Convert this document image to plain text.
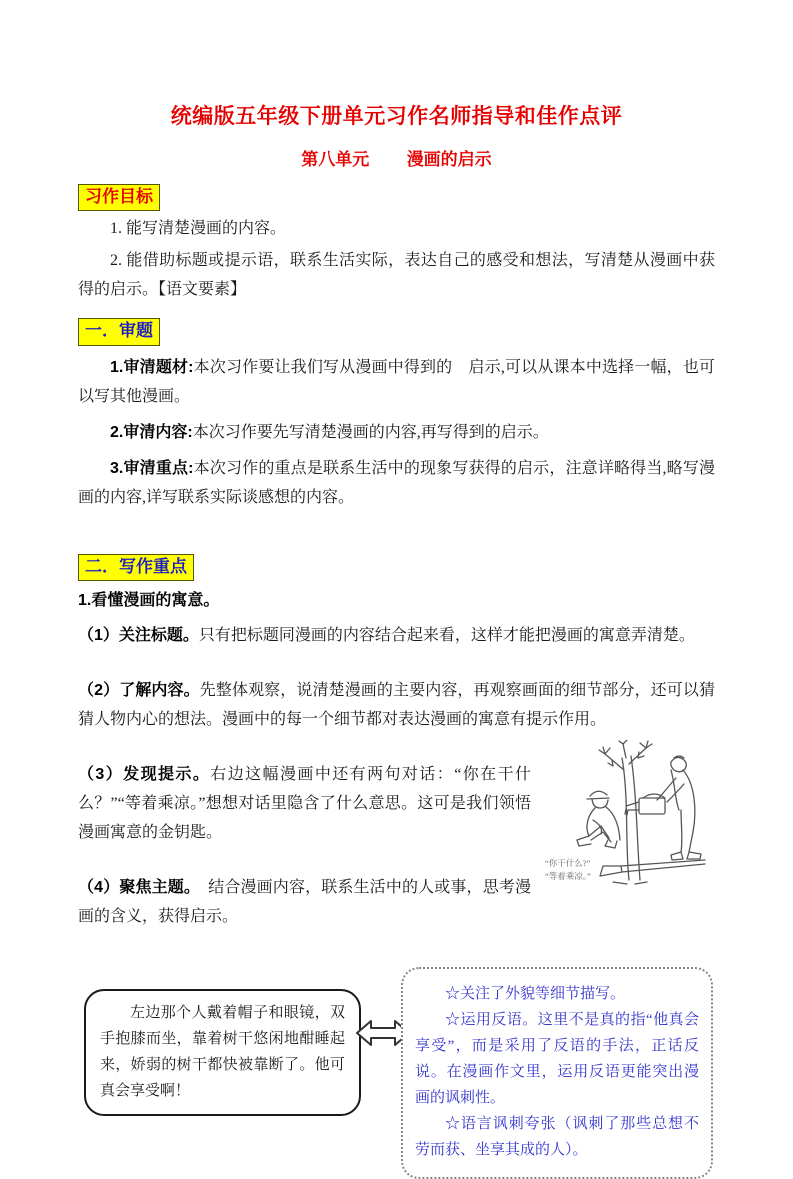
统编版五年级下册单元习作名师指导和佳作点评
第八单元 漫画的启示
习作目标

1. 能写清楚漫画的内容。

2. 能借助标题或提示语，联系生活实际，表达自己的感受和想法，写清楚从漫画中获得的启示。【语文要素】

一．审题

1.审清题材:本次习作要让我们写从漫画中得到的　启示,可以从课本中选择一幅，也可以写其他漫画。

2.审清内容:本次习作要先写清楚漫画的内容,再写得到的启示。

3.审清重点:本次习作的重点是联系生活中的现象写获得的启示，注意详略得当,略写漫画的内容,详写联系实际谈感想的内容。

二．写作重点
1.看懂漫画的寓意。

（1）关注标题。只有把标题同漫画的内容结合起来看，这样才能把漫画的寓意弄清楚。

（2）了解内容。先整体观察，说清楚漫画的主要内容，再观察画面的细节部分，还可以猜猜人物内心的想法。漫画中的每一个细节都对表达漫画的寓意有提示作用。

“你干什么?”
“等着乘凉。”

（3）发现提示。右边这幅漫画中还有两句对话：“你在干什么？”“等着乘凉。”想想对话里隐含了什么意思。这可是我们领悟漫画寓意的金钥匙。

（4）聚焦主题。　结合漫画内容，联系生活中的人或事，思考漫画的含义，获得启示。

左边那个人戴着帽子和眼镜，双手抱膝而坐，靠着树干悠闲地酣睡起来，娇弱的树干都快被靠断了。他可真会享受啊！

☆关注了外貌等细节描写。

☆运用反语。这里不是真的指“他真会享受”，而是采用了反语的手法，正话反说。在漫画作文里，运用反语更能突出漫画的讽刺性。

☆语言讽刺夸张（讽刺了那些总想不劳而获、坐享其成的人）。
